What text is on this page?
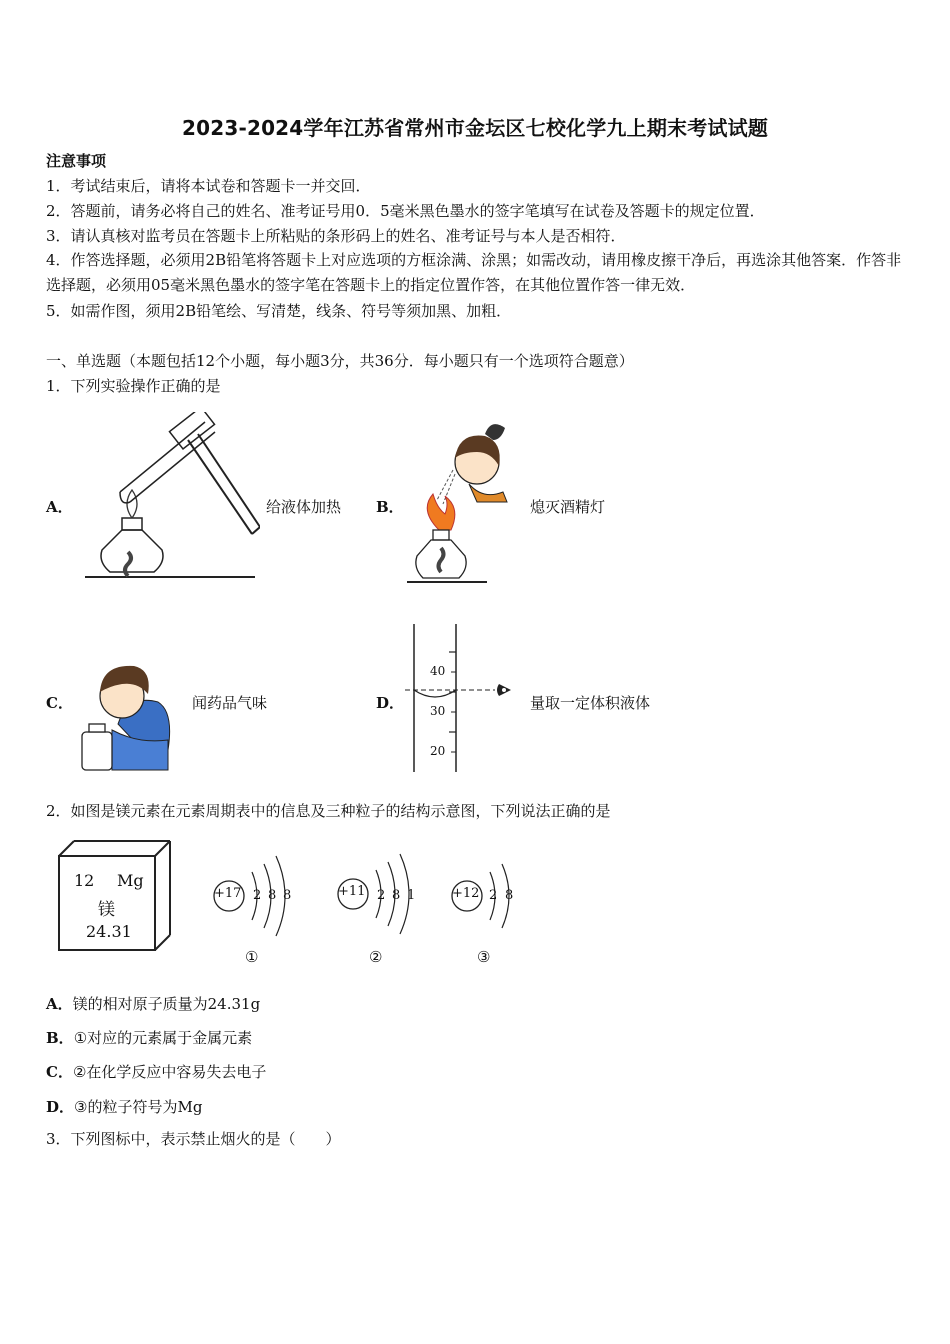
2023-2024学年江苏省常州市金坛区七校化学九上期末考试试题
注意事项
1．考试结束后，请将本试卷和答题卡一并交回．
2．答题前，请务必将自己的姓名、准考证号用0．5毫米黑色墨水的签字笔填写在试卷及答题卡的规定位置．
3．请认真核对监考员在答题卡上所粘贴的条形码上的姓名、准考证号与本人是否相符．
4．作答选择题，必须用2B铅笔将答题卡上对应选项的方框涂满、涂黑；如需改动，请用橡皮擦干净后，再选涂其他答案．作答非选择题，必须用05毫米黑色墨水的签字笔在答题卡上的指定位置作答，在其他位置作答一律无效．
5．如需作图，须用2B铅笔绘、写清楚，线条、符号等须加黑、加粗．
一、单选题（本题包括12个小题，每小题3分，共36分．每小题只有一个选项符合题意）
1．下列实验操作正确的是
A．	给液体加热 B．	熄灭酒精灯
C．	闻药品气味	D．
40
30
20
量取一定体积液体
2．如图是镁元素在元素周期表中的信息及三种粒子的结构示意图，下列说法正确的是
12 Mg
镁
24.31
+17 2 8 8
①
+11 2 8 1
②
+12 2 8
③
A．镁的相对原子质量为24.31g
B．①对应的元素属于金属元素
C．②在化学反应中容易失去电子
D．③的粒子符号为Mg
3．下列图标中，表示禁止烟火的是（　　）
